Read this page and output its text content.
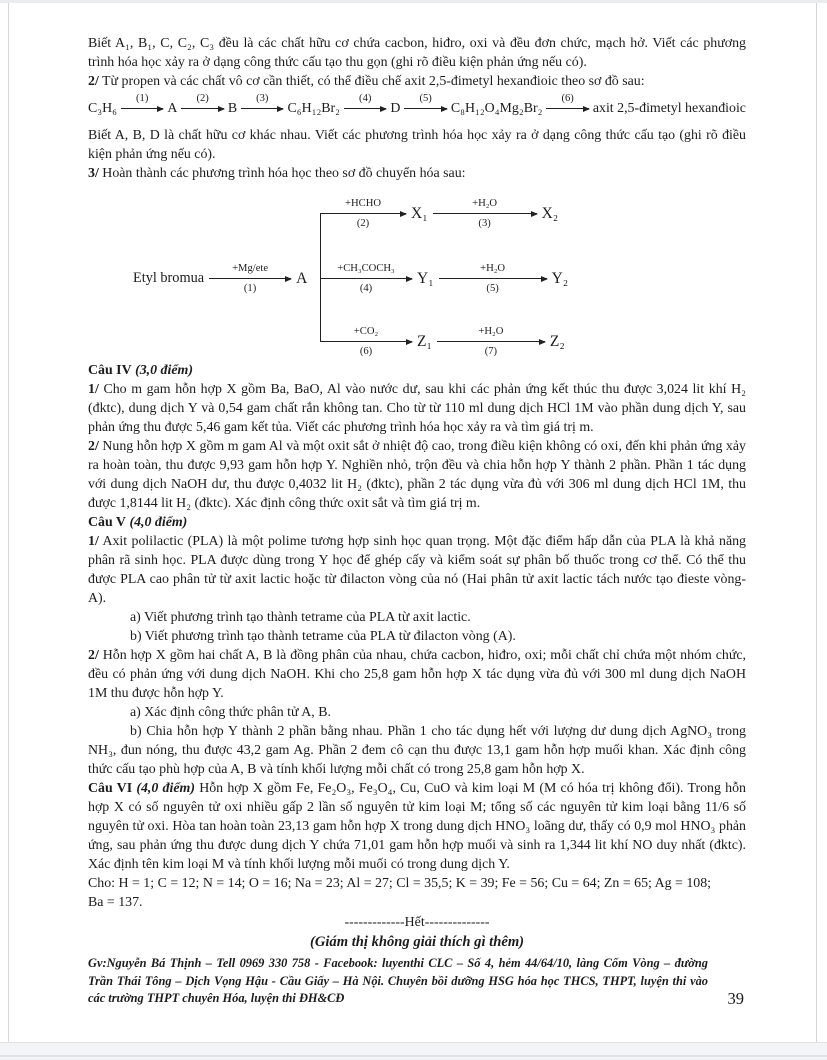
Biết A₁, B₁, C, C₂, C₃ đều là các chất hữu cơ chứa cacbon, hiđro, oxi và đều đơn chức, mạch hở. Viết các phương trình hóa học xảy ra ở dạng công thức cấu tạo thu gọn (ghi rõ điều kiện phản ứng nếu có).

2/ Từ propen và các chất vô cơ cần thiết, có thể điều chế axit 2,5-đimetyl hexanđioic theo sơ đồ sau:

C₃H₆
(1)
A
(2)
B
(3)
C₆H₁₂Br₂
(4)
D
(5)
C₈H₁₂O₄Mg₂Br₂
(6)
axit 2,5-đimetyl hexanđioic

Biết A, B, D là chất hữu cơ khác nhau. Viết các phương trình hóa học xảy ra ở dạng công thức cấu tạo (ghi rõ điều kiện phản ứng nếu có).

3/ Hoàn thành các phương trình hóa học theo sơ đồ chuyển hóa sau:

Etyl bromua
+Mg/ete
(1)
A
+HCHO
(2)
X₁
+H₂O
(3)
X₂
+CH₃COCH₃
(4)
Y₁
+H₂O
(5)
Y₂
+CO₂
(6)
Z₁
+H₂O
(7)
Z₂

Câu IV (3,0 điểm)

1/ Cho m gam hỗn hợp X gồm Ba, BaO, Al vào nước dư, sau khi các phản ứng kết thúc thu được 3,024 lit khí H₂ (đktc), dung dịch Y và 0,54 gam chất rắn không tan. Cho từ từ 110 ml dung dịch HCl 1M vào phần dung dịch Y, sau phản ứng thu được 5,46 gam kết tủa. Viết các phương trình hóa học xảy ra và tìm giá trị m.

2/ Nung hỗn hợp X gồm m gam Al và một oxit sắt ở nhiệt độ cao, trong điều kiện không có oxi, đến khi phản ứng xảy ra hoàn toàn, thu được 9,93 gam hỗn hợp Y. Nghiền nhỏ, trộn đều và chia hỗn hợp Y thành 2 phần. Phần 1 tác dụng với dung dịch NaOH dư, thu được 0,4032 lit H₂ (đktc), phần 2 tác dụng vừa đủ với 306 ml dung dịch HCl 1M, thu được 1,8144 lit H₂ (đktc). Xác định công thức oxit sắt và tìm giá trị m.

Câu V (4,0 điểm)

1/ Axit polilactic (PLA) là một polime tương hợp sinh học quan trọng. Một đặc điểm hấp dẫn của PLA là khả năng phân rã sinh học. PLA được dùng trong Y học để ghép cấy và kiểm soát sự phân bố thuốc trong cơ thể. Có thể thu được PLA cao phân tử từ axit lactic hoặc từ đilacton vòng của nó (Hai phân tử axit lactic tách nước tạo đieste vòng-A).

a) Viết phương trình tạo thành tetrame của PLA từ axit lactic.

b) Viết phương trình tạo thành tetrame của PLA từ đilacton vòng (A).

2/ Hỗn hợp X gồm hai chất A, B là đồng phân của nhau, chứa cacbon, hiđro, oxi; mỗi chất chỉ chứa một nhóm chức, đều có phản ứng với dung dịch NaOH. Khi cho 25,8 gam hỗn hợp X tác dụng vừa đủ với 300 ml dung dịch NaOH 1M thu được hỗn hợp Y.

a) Xác định công thức phân tử A, B.

b) Chia hỗn hợp Y thành 2 phần bằng nhau. Phần 1 cho tác dụng hết với lượng dư dung dịch AgNO₃ trong NH₃, đun nóng, thu được 43,2 gam Ag. Phần 2 đem cô cạn thu được 13,1 gam hỗn hợp muối khan. Xác định công thức cấu tạo phù hợp của A, B và tính khối lượng mỗi chất có trong 25,8 gam hỗn hợp X.

Câu VI (4,0 điểm) Hỗn hợp X gồm Fe, Fe₂O₃, Fe₃O₄, Cu, CuO và kim loại M (M có hóa trị không đổi). Trong hỗn hợp X có số nguyên tử oxi nhiều gấp 2 lần số nguyên tử kim loại M; tổng số các nguyên tử kim loại bằng 11/6 số nguyên tử oxi. Hòa tan hoàn toàn 23,13 gam hỗn hợp X trong dung dịch HNO₃ loãng dư, thấy có 0,9 mol HNO₃ phản ứng, sau phản ứng thu được dung dịch Y chứa 71,01 gam hỗn hợp muối và sinh ra 1,344 lit khí NO duy nhất (đktc). Xác định tên kim loại M và tính khối lượng mỗi muối có trong dung dịch Y.

Cho: H = 1; C = 12; N = 14; O = 16; Na = 23; Al = 27; Cl = 35,5; K = 39; Fe = 56; Cu = 64; Zn = 65; Ag = 108;
Ba = 137.
-------------Hết--------------
(Giám thị không giải thích gì thêm)

Gv:Nguyễn Bá Thịnh – Tell 0969 330 758 - Facebook: luyenthi CLC – Số 4, hẻm 44/64/10, làng Cốm Vòng – đường Trần Thái Tông – Dịch Vọng Hậu - Cầu Giấy – Hà Nội. Chuyên bồi dưỡng HSG hóa học THCS, THPT, luyện thi vào các trường THPT chuyên Hóa, luyện thi ĐH&CĐ	39
